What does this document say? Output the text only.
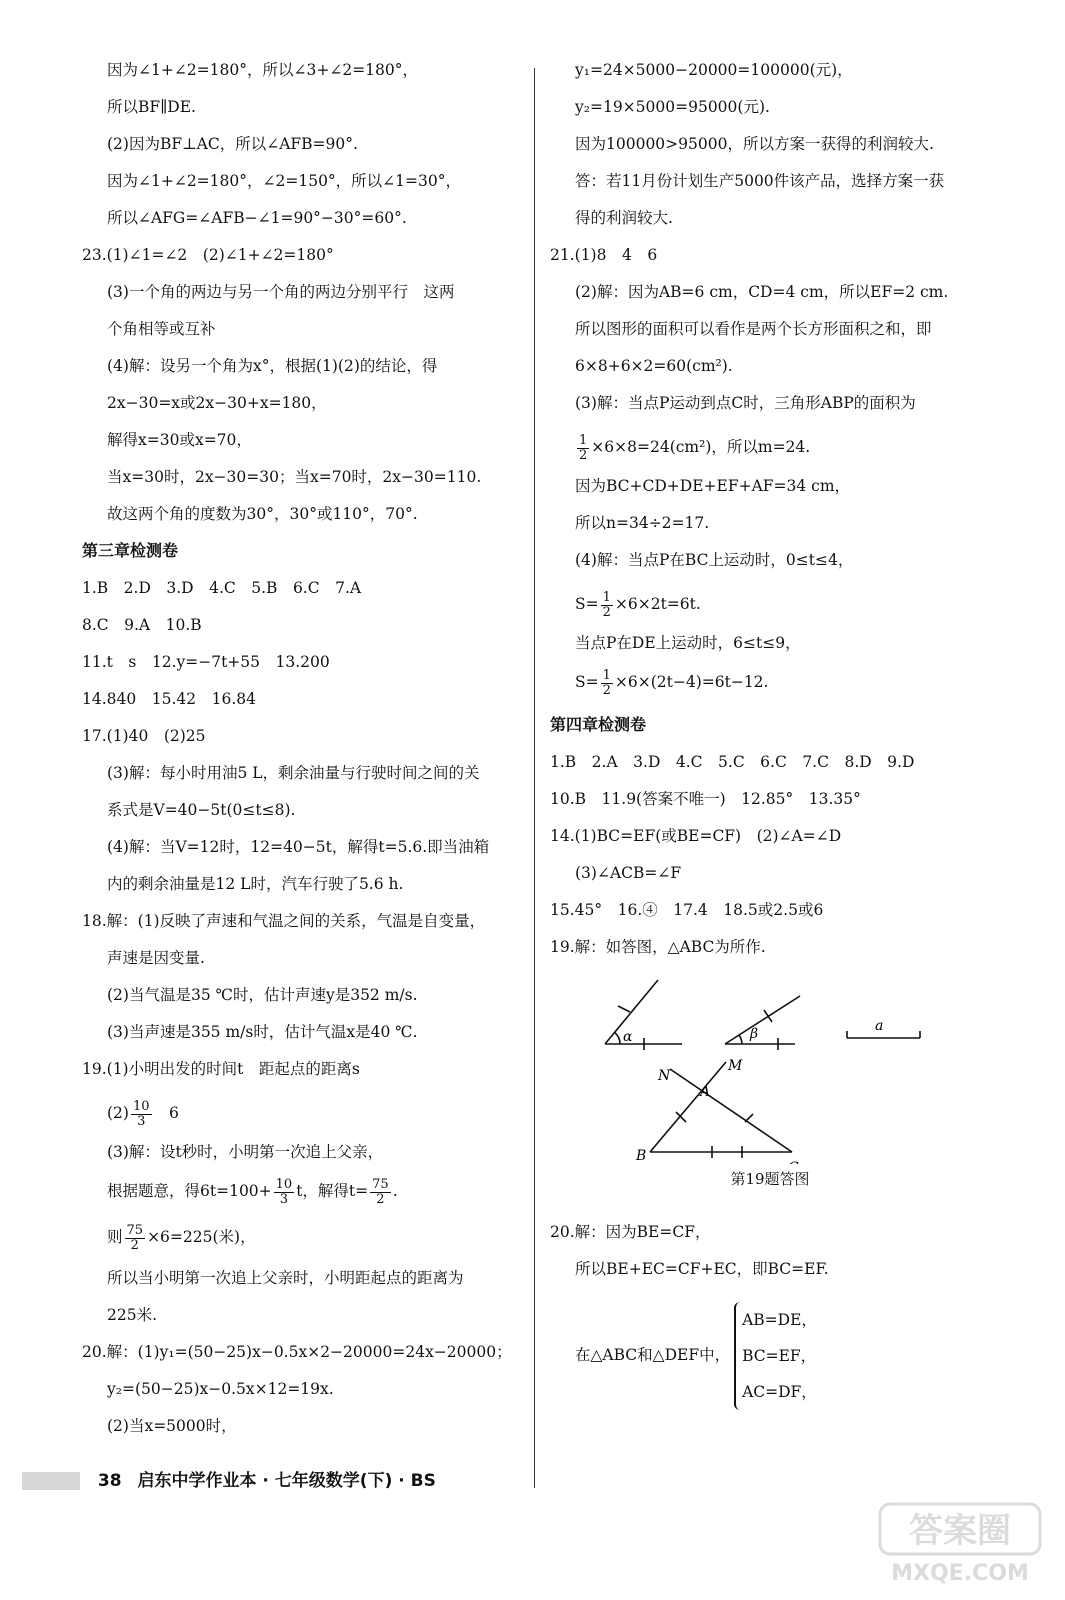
因为∠1+∠2=180°，所以∠3+∠2=180°，
所以BF∥DE.
(2)因为BF⊥AC，所以∠AFB=90°.
因为∠1+∠2=180°，∠2=150°，所以∠1=30°，
所以∠AFG=∠AFB−∠1=90°−30°=60°.
23.(1)∠1=∠2　(2)∠1+∠2=180°
(3)一个角的两边与另一个角的两边分别平行　这两
个角相等或互补
(4)解：设另一个角为x°，根据(1)(2)的结论，得
2x−30=x或2x−30+x=180，
解得x=30或x=70，
当x=30时，2x−30=30；当x=70时，2x−30=110.
故这两个角的度数为30°，30°或110°，70°.
第三章检测卷
1.B　2.D　3.D　4.C　5.B　6.C　7.A
8.C　9.A　10.B
11.t　s　12.y=−7t+55　13.200
14.840　15.42　16.84
17.(1)40　(2)25
(3)解：每小时用油5 L，剩余油量与行驶时间之间的关
系式是V=40−5t(0≤t≤8).
(4)解：当V=12时，12=40−5t，解得t=5.6.即当油箱
内的剩余油量是12 L时，汽车行驶了5.6 h.
18.解：(1)反映了声速和气温之间的关系，气温是自变量，
声速是因变量.
(2)当气温是35 ℃时，估计声速y是352 m/s.
(3)当声速是355 m/s时，估计气温x是40 ℃.
19.(1)小明出发的时间t　距起点的距离s
$(2) \frac{10}{3}$ 　6
(3)解：设t秒时，小明第一次追上父亲，
根据题意，得$6t=100+ \frac{10}{3}$ t，解得$t= \frac{75}{2}$ .
则 $\frac{75}{2} \times 6=225$(米)，
所以当小明第一次追上父亲时，小明距起点的距离为
225米.
20.解：(1)y₁=(50−25)x−0.5x×2−20000=24x−20000；
y₂=(50−25)x−0.5x×12=19x.
(2)当x=5000时，
y₁=24×5000−20000=100000(元)，
y₂=19×5000=95000(元).
因为100000>95000，所以方案一获得的利润较大.
答：若11月份计划生产5000件该产品，选择方案一获
得的利润较大.
21.(1)8　4　6
(2)解：因为AB=6 cm，CD=4 cm，所以EF=2 cm.
所以图形的面积可以看作是两个长方形面积之和，即
6×8+6×2=60(cm²).
(3)解：当点P运动到点C时，三角形ABP的面积为
$\frac{1}{2} \times 6\times 8=24(cm^2)$，所以m=24.
因为BC+CD+DE+EF+AF=34 cm，
所以n=34÷2=17.
(4)解：当点P在BC上运动时，0≤t≤4，
$S= \frac{1}{2} \times 6\times 2t=6t$.
当点P在DE上运动时，6≤t≤9，
$S= \frac{1}{2} \times 6\times(2t-4)=6t-12$.
第四章检测卷
1.B　2.A　3.D　4.C　5.C　6.C　7.C　8.D　9.D
10.B　11.9(答案不唯一)　12.85°　13.35°
14.(1)BC=EF(或BE=CF)　(2)∠A=∠D
(3)∠ACB=∠F
15.45°　16.④　17.4　18.5或2.5或6
19.解：如答图，△ABC为所作.
α	β	a
B
A
M
N
第19题答图
20.解：因为BE=CF，
所以BE+EC=CF+EC，即BC=EF.
在△ABC和△DEF中，
AB=DE，
BC=EF，
AC=DF，
38 启东中学作业本 · 七年级数学(下) · BS
答案圈
MXQE.COM
